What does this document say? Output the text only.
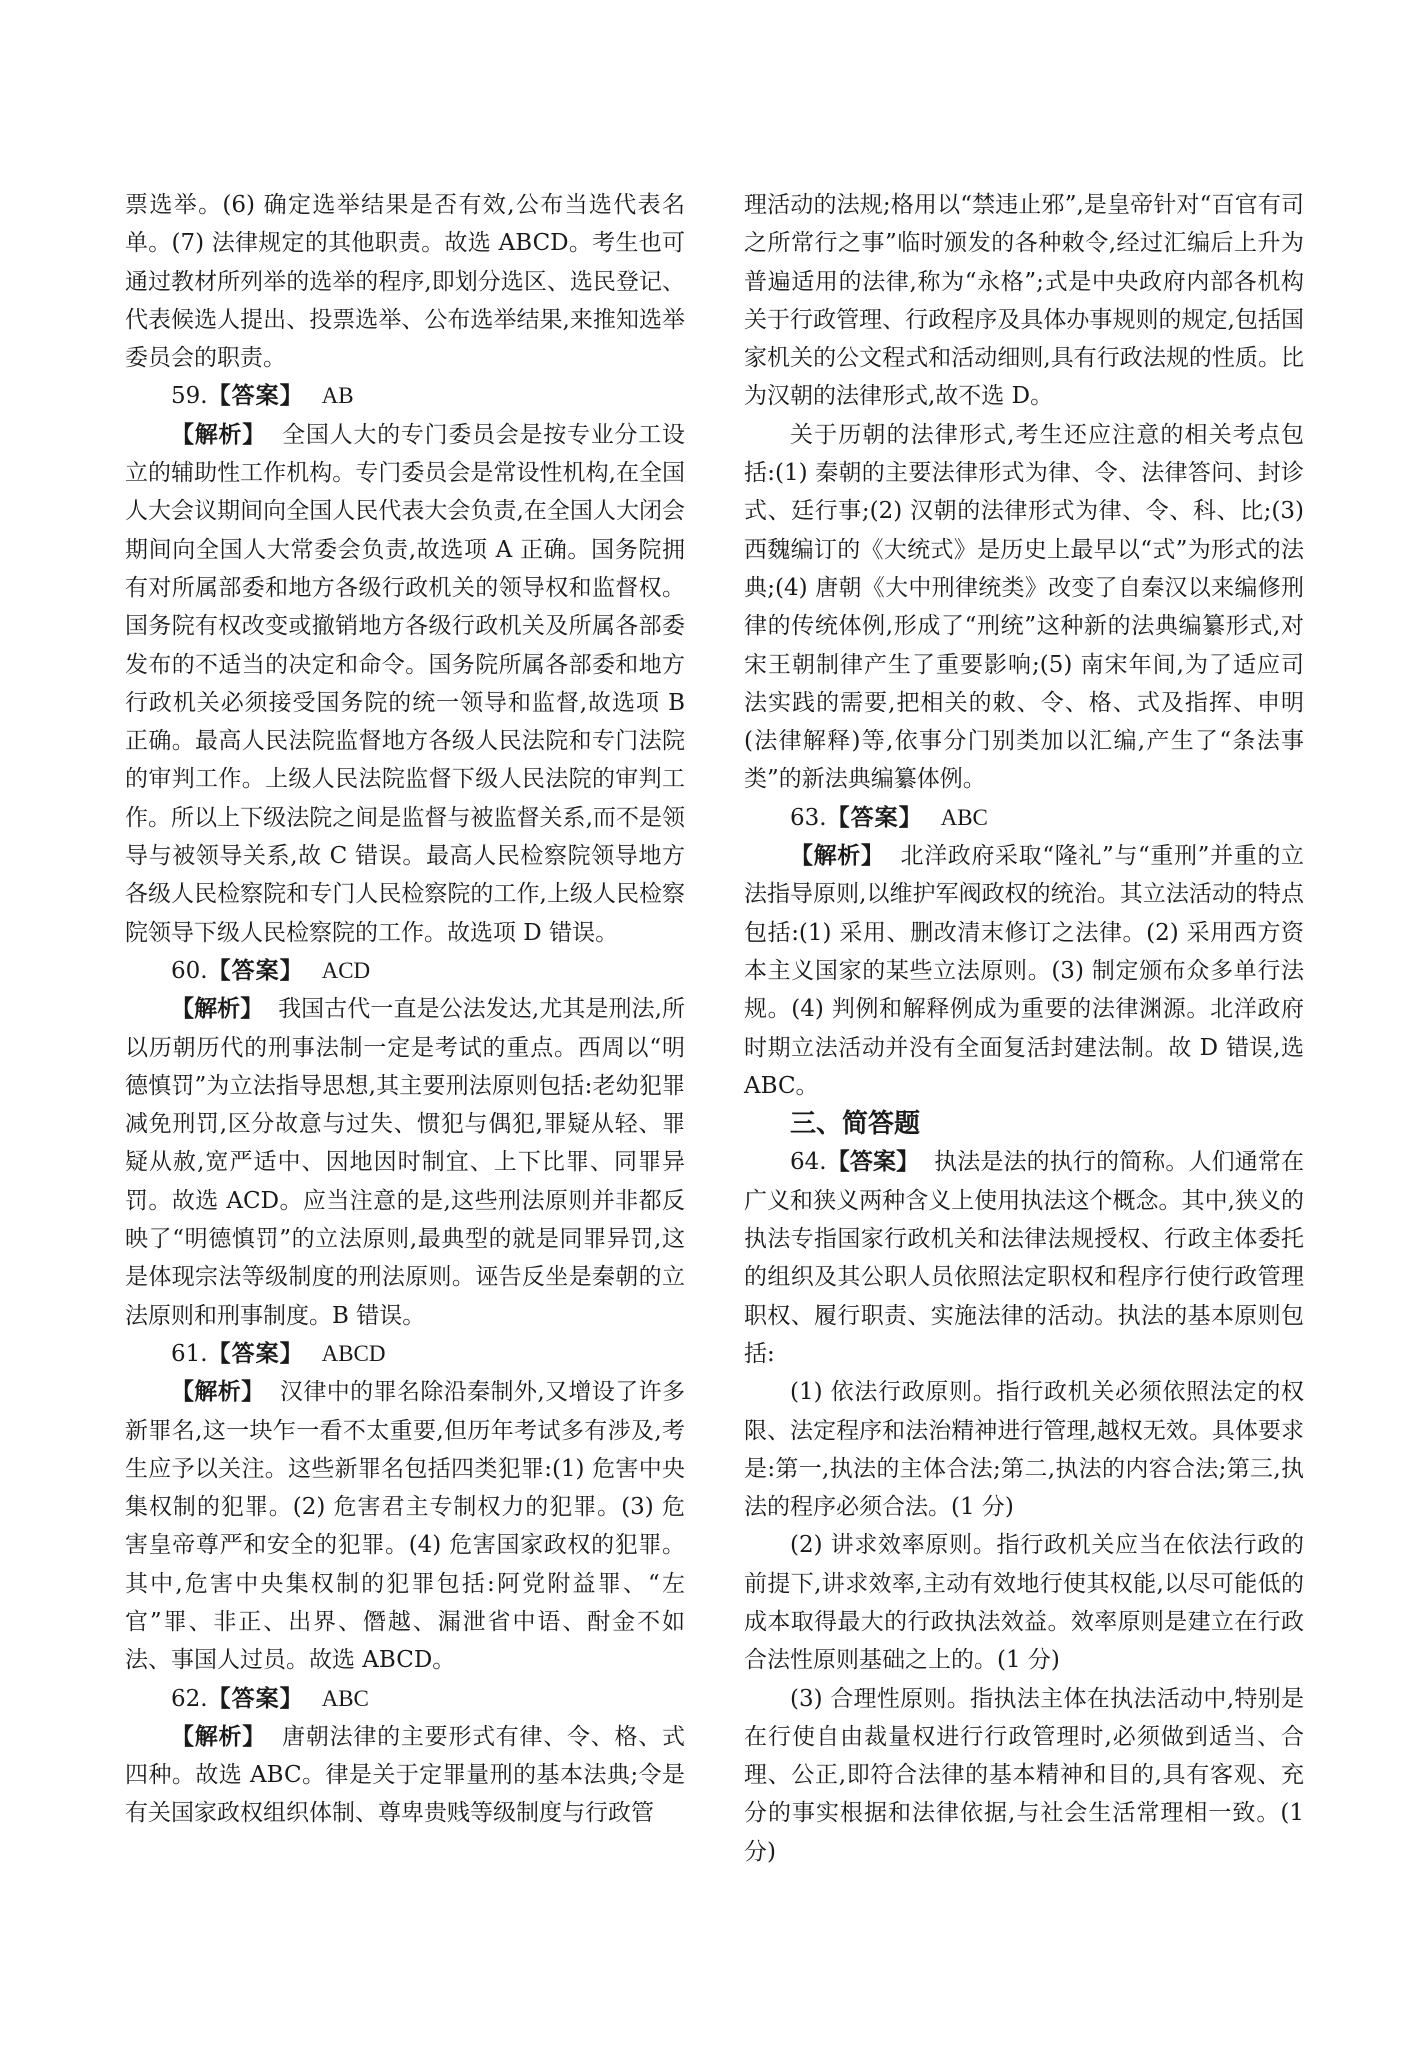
票选举。(6) 确定选举结果是否有效,公布当选代表名单。(7) 法律规定的其他职责。故选 ABCD。考生也可通过教材所列举的选举的程序,即划分选区、选民登记、代表候选人提出、投票选举、公布选举结果,来推知选举委员会的职责。

59.【答案】 AB

【解析】 全国人大的专门委员会是按专业分工设立的辅助性工作机构。专门委员会是常设性机构,在全国人大会议期间向全国人民代表大会负责,在全国人大闭会期间向全国人大常委会负责,故选项 A 正确。国务院拥有对所属部委和地方各级行政机关的领导权和监督权。国务院有权改变或撤销地方各级行政机关及所属各部委发布的不适当的决定和命令。国务院所属各部委和地方行政机关必须接受国务院的统一领导和监督,故选项 B 正确。最高人民法院监督地方各级人民法院和专门法院的审判工作。上级人民法院监督下级人民法院的审判工作。所以上下级法院之间是监督与被监督关系,而不是领导与被领导关系,故 C 错误。最高人民检察院领导地方各级人民检察院和专门人民检察院的工作,上级人民检察院领导下级人民检察院的工作。故选项 D 错误。

60.【答案】 ACD

【解析】 我国古代一直是公法发达,尤其是刑法,所以历朝历代的刑事法制一定是考试的重点。西周以“明德慎罚”为立法指导思想,其主要刑法原则包括:老幼犯罪减免刑罚,区分故意与过失、惯犯与偶犯,罪疑从轻、罪疑从赦,宽严适中、因地因时制宜、上下比罪、同罪异罚。故选 ACD。应当注意的是,这些刑法原则并非都反映了“明德慎罚”的立法原则,最典型的就是同罪异罚,这是体现宗法等级制度的刑法原则。诬告反坐是秦朝的立法原则和刑事制度。B 错误。

61.【答案】 ABCD

【解析】 汉律中的罪名除沿秦制外,又增设了许多新罪名,这一块乍一看不太重要,但历年考试多有涉及,考生应予以关注。这些新罪名包括四类犯罪:(1) 危害中央集权制的犯罪。(2) 危害君主专制权力的犯罪。(3) 危害皇帝尊严和安全的犯罪。(4) 危害国家政权的犯罪。其中,危害中央集权制的犯罪包括:阿党附益罪、“左官”罪、非正、出界、僭越、漏泄省中语、酎金不如法、事国人过员。故选 ABCD。

62.【答案】 ABC

【解析】 唐朝法律的主要形式有律、令、格、式四种。故选 ABC。律是关于定罪量刑的基本法典;令是有关国家政权组织体制、尊卑贵贱等级制度与行政管

理活动的法规;格用以“禁违止邪”,是皇帝针对“百官有司之所常行之事”临时颁发的各种敕令,经过汇编后上升为普遍适用的法律,称为“永格”;式是中央政府内部各机构关于行政管理、行政程序及具体办事规则的规定,包括国家机关的公文程式和活动细则,具有行政法规的性质。比为汉朝的法律形式,故不选 D。

关于历朝的法律形式,考生还应注意的相关考点包括:(1) 秦朝的主要法律形式为律、令、法律答问、封诊式、廷行事;(2) 汉朝的法律形式为律、令、科、比;(3) 西魏编订的《大统式》是历史上最早以“式”为形式的法典;(4) 唐朝《大中刑律统类》改变了自秦汉以来编修刑律的传统体例,形成了“刑统”这种新的法典编纂形式,对宋王朝制律产生了重要影响;(5) 南宋年间,为了适应司法实践的需要,把相关的敕、令、格、式及指挥、申明(法律解释)等,依事分门别类加以汇编,产生了“条法事类”的新法典编纂体例。

63.【答案】 ABC

【解析】 北洋政府采取“隆礼”与“重刑”并重的立法指导原则,以维护军阀政权的统治。其立法活动的特点包括:(1) 采用、删改清末修订之法律。(2) 采用西方资本主义国家的某些立法原则。(3) 制定颁布众多单行法规。(4) 判例和解释例成为重要的法律渊源。北洋政府时期立法活动并没有全面复活封建法制。故 D 错误,选 ABC。

三、简答题

64.【答案】 执法是法的执行的简称。人们通常在广义和狭义两种含义上使用执法这个概念。其中,狭义的执法专指国家行政机关和法律法规授权、行政主体委托的组织及其公职人员依照法定职权和程序行使行政管理职权、履行职责、实施法律的活动。执法的基本原则包括:

(1) 依法行政原则。指行政机关必须依照法定的权限、法定程序和法治精神进行管理,越权无效。具体要求是:第一,执法的主体合法;第二,执法的内容合法;第三,执法的程序必须合法。(1 分)

(2) 讲求效率原则。指行政机关应当在依法行政的前提下,讲求效率,主动有效地行使其权能,以尽可能低的成本取得最大的行政执法效益。效率原则是建立在行政合法性原则基础之上的。(1 分)

(3) 合理性原则。指执法主体在执法活动中,特别是在行使自由裁量权进行行政管理时,必须做到适当、合理、公正,即符合法律的基本精神和目的,具有客观、充分的事实根据和法律依据,与社会生活常理相一致。(1 分)
